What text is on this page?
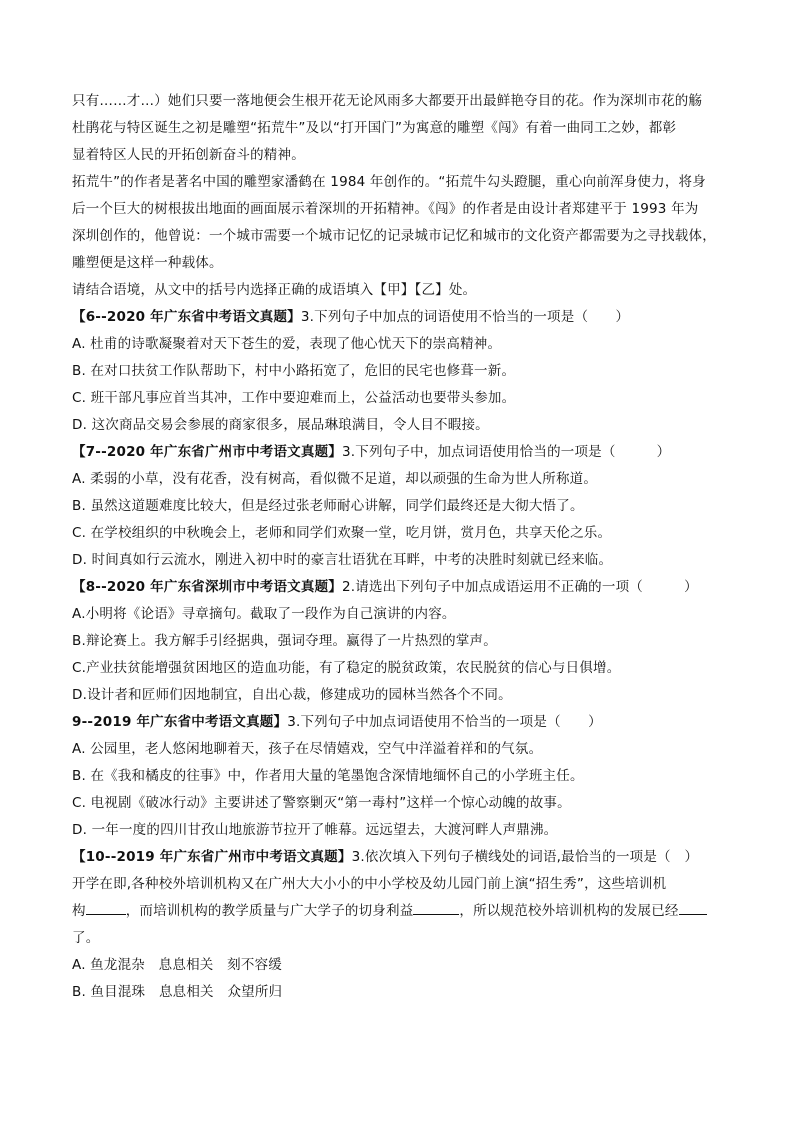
只有……才…）她们只要一落地便会生根开花无论风雨多大都要开出最鲜艳夺目的花。作为深圳市花的觞
杜鹃花与特区诞生之初是雕塑“拓荒牛”及以“打开国门”为寓意的雕塑《闯》有着一曲同工之妙，都彰
显着特区人民的开拓创新奋斗的精神。
拓荒牛”的作者是著名中国的雕塑家潘鹤在 1984 年创作的。“拓荒牛勾头蹬腿，重心向前浑身使力，将身
后一个巨大的树根拔出地面的画面展示着深圳的开拓精神。《闯》的作者是由设计者郑建平于 1993 年为
深圳创作的，他曾说：一个城市需要一个城市记忆的记录城市记忆和城市的文化资产都需要为之寻找载体，
雕塑便是这样一种载体。
请结合语境，从文中的括号内选择正确的成语填入【甲】【乙】处。
【6--2020 年广东省中考语文真题】3.下列句子中加点的词语使用不恰当的一项是（　　）
A. 杜甫的诗歌凝聚着对天下苍生的爱，表现了他心忧天下的崇高精神。
B. 在对口扶贫工作队帮助下，村中小路拓宽了，危旧的民宅也修葺一新。
C. 班干部凡事应首当其冲，工作中要迎难而上，公益活动也要带头参加。
D. 这次商品交易会参展的商家很多，展品琳琅满目，令人目不暇接。
【7--2020 年广东省广州市中考语文真题】3.下列句子中，加点词语使用恰当的一项是（　　　）
A. 柔弱的小草，没有花香，没有树高，看似微不足道，却以顽强的生命为世人所称道。
B. 虽然这道题难度比较大，但是经过张老师耐心讲解，同学们最终还是大彻大悟了。
C. 在学校组织的中秋晚会上，老师和同学们欢聚一堂，吃月饼，赏月色，共享天伦之乐。
D. 时间真如行云流水，刚进入初中时的豪言壮语犹在耳畔，中考的决胜时刻就已经来临。
【8--2020 年广东省深圳市中考语文真题】2.请选出下列句子中加点成语运用不正确的一项（　　　）
A.小明将《论语》寻章摘句。截取了一段作为自己演讲的内容。
B.辩论赛上。我方解手引经据典，强词夺理。赢得了一片热烈的掌声。
C.产业扶贫能增强贫困地区的造血功能，有了稳定的脱贫政策，农民脱贫的信心与日俱增。
D.设计者和匠师们因地制宜，自出心裁，修建成功的园林当然各个不同。
9--2019 年广东省中考语文真题】3.下列句子中加点词语使用不恰当的一项是（　　）
A. 公园里，老人悠闲地聊着天，孩子在尽情嬉戏，空气中洋溢着祥和的气氛。
B. 在《我和橘皮的往事》中，作者用大量的笔墨饱含深情地缅怀自己的小学班主任。
C. 电视剧《破冰行动》主要讲述了警察剿灭“第一毒村”这样一个惊心动魄的故事。
D. 一年一度的四川甘孜山地旅游节拉开了帷幕。远远望去，大渡河畔人声鼎沸。
【10--2019 年广东省广州市中考语文真题】3.依次填入下列句子横线处的词语,最恰当的一项是（　）
开学在即,各种校外培训机构又在广州大大小小的中小学校及幼儿园门前上演“招生秀”，这些培训机
构	，而培训机构的教学质量与广大学子的切身利益	，所以规范校外培训机构的发展已经
了。
A. 鱼龙混杂　息息相关　刻不容缓
B. 鱼目混珠　息息相关　众望所归
